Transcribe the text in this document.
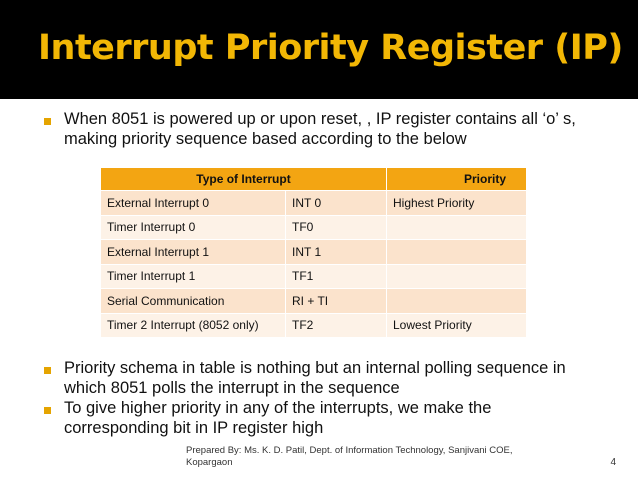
Interrupt Priority Register (IP)
When 8051 is powered up or upon reset, , IP register contains all ‘o’ s, making priority sequence based according to the below
Type of Interrupt		Priority
External Interrupt 0	INT 0	Highest Priority
Timer Interrupt 0	TF0	
External Interrupt 1	INT 1	
Timer Interrupt 1	TF1	
Serial Communication	RI + TI	
Timer 2 Interrupt (8052 only)	TF2	Lowest Priority
Priority schema in table is nothing but an internal polling sequence in which 8051 polls the interrupt in the sequence
To give higher priority in any of the interrupts, we make the corresponding bit in IP register high
Prepared By: Ms. K. D. Patil, Dept. of Information Technology, Sanjivani COE, Kopargaon	4
